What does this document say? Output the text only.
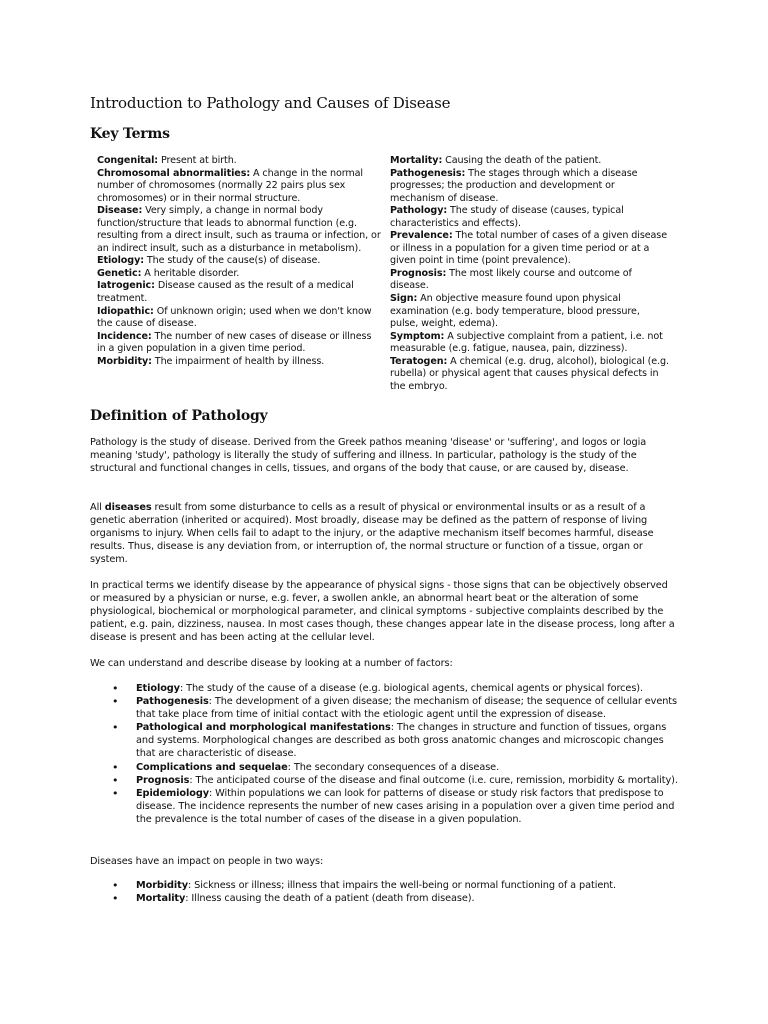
Introduction to Pathology and Causes of Disease
Key Terms
Congenital: Present at birth.
Chromosomal abnormalities: A change in the normal number of chromosomes (normally 22 pairs plus sex chromosomes) or in their normal structure.
Disease: Very simply, a change in normal body function/structure that leads to abnormal function (e.g. resulting from a direct insult, such as trauma or infection, or an indirect insult, such as a disturbance in metabolism).
Etiology: The study of the cause(s) of disease.
Genetic: A heritable disorder.
Iatrogenic: Disease caused as the result of a medical treatment.
Idiopathic: Of unknown origin; used when we don't know the cause of disease.
Incidence: The number of new cases of disease or illness in a given population in a given time period.
Morbidity: The impairment of health by illness.
Mortality: Causing the death of the patient.
Pathogenesis: The stages through which a disease progresses; the production and development or mechanism of disease.
Pathology: The study of disease (causes, typical characteristics and effects).
Prevalence: The total number of cases of a given disease or illness in a population for a given time period or at a given point in time (point prevalence).
Prognosis: The most likely course and outcome of disease.
Sign: An objective measure found upon physical examination (e.g. body temperature, blood pressure, pulse, weight, edema).
Symptom: A subjective complaint from a patient, i.e. not measurable (e.g. fatigue, nausea, pain, dizziness).
Teratogen: A chemical (e.g. drug, alcohol), biological (e.g. rubella) or physical agent that causes physical defects in the embryo.
Definition of Pathology

Pathology is the study of disease. Derived from the Greek pathos meaning 'disease' or 'suffering', and logos or logia meaning 'study', pathology is literally the study of suffering and illness. In particular, pathology is the study of the structural and functional changes in cells, tissues, and organs of the body that cause, or are caused by, disease.

All diseases result from some disturbance to cells as a result of physical or environmental insults or as a result of a genetic aberration (inherited or acquired). Most broadly, disease may be defined as the pattern of response of living organisms to injury. When cells fail to adapt to the injury, or the adaptive mechanism itself becomes harmful, disease results. Thus, disease is any deviation from, or interruption of, the normal structure or function of a tissue, organ or system.

In practical terms we identify disease by the appearance of physical signs - those signs that can be objectively observed or measured by a physician or nurse, e.g. fever, a swollen ankle, an abnormal heart beat or the alteration of some physiological, biochemical or morphological parameter, and clinical symptoms - subjective complaints described by the patient, e.g. pain, dizziness, nausea. In most cases though, these changes appear late in the disease process, long after a disease is present and has been acting at the cellular level.

We can understand and describe disease by looking at a number of factors:

• Etiology: The study of the cause of a disease (e.g. biological agents, chemical agents or physical forces).
• Pathogenesis: The development of a given disease; the mechanism of disease; the sequence of cellular events that take place from time of initial contact with the etiologic agent until the expression of disease.
• Pathological and morphological manifestations: The changes in structure and function of tissues, organs and systems. Morphological changes are described as both gross anatomic changes and microscopic changes that are characteristic of disease.
• Complications and sequelae: The secondary consequences of a disease.
• Prognosis: The anticipated course of the disease and final outcome (i.e. cure, remission, morbidity & mortality).
• Epidemiology: Within populations we can look for patterns of disease or study risk factors that predispose to disease. The incidence represents the number of new cases arising in a population over a given time period and the prevalence is the total number of cases of the disease in a given population.

Diseases have an impact on people in two ways:

• Morbidity: Sickness or illness; illness that impairs the well-being or normal functioning of a patient.
• Mortality: Illness causing the death of a patient (death from disease).
